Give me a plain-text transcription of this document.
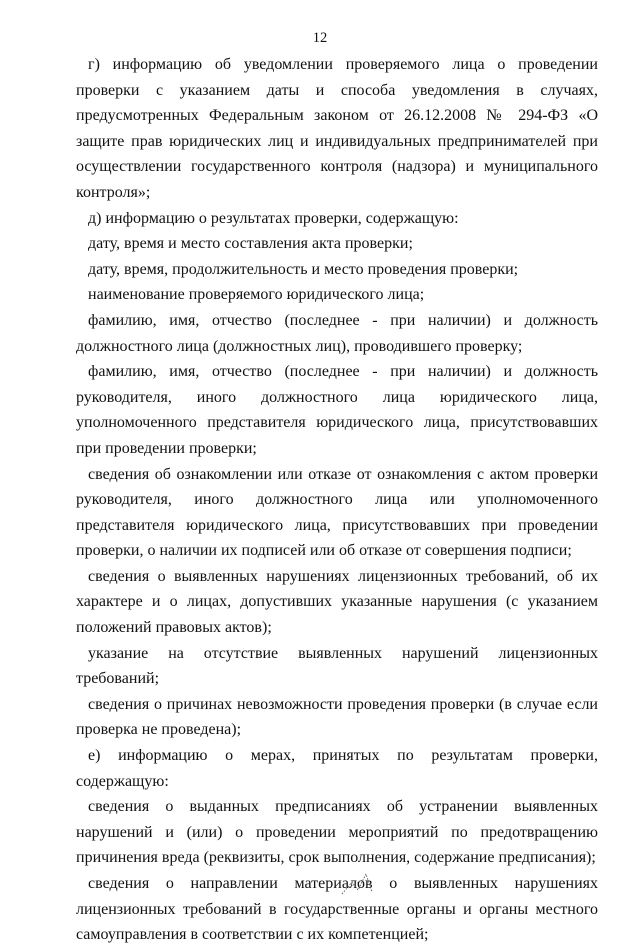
12

г) информацию об уведомлении проверяемого лица о проведении проверки с указанием даты и способа уведомления в случаях, предусмотренных Федеральным законом от 26.12.2008 № 294-ФЗ «О защите прав юридических лиц и индивидуальных предпринимателей при осуществлении государственного контроля (надзора) и муниципального контроля»;

д) информацию о результатах проверки, содержащую:

дату, время и место составления акта проверки;

дату, время, продолжительность и место проведения проверки;

наименование проверяемого юридического лица;

фамилию, имя, отчество (последнее - при наличии) и должность должностного лица (должностных лиц), проводившего проверку;

фамилию, имя, отчество (последнее - при наличии) и должность руководителя, иного должностного лица юридического лица, уполномоченного представителя юридического лица, присутствовавших при проведении проверки;

сведения об ознакомлении или отказе от ознакомления с актом проверки руководителя, иного должностного лица или уполномоченного представителя юридического лица, присутствовавших при проведении проверки, о наличии их подписей или об отказе от совершения подписи;

сведения о выявленных нарушениях лицензионных требований, об их характере и о лицах, допустивших указанные нарушения (с указанием положений правовых актов);

указание на отсутствие выявленных нарушений лицензионных требований;

сведения о причинах невозможности проведения проверки (в случае если проверка не проведена);

е) информацию о мерах, принятых по результатам проверки, содержащую:

сведения о выданных предписаниях об устранении выявленных нарушений и (или) о проведении мероприятий по предотвращению причинения вреда (реквизиты, срок выполнения, содержание предписания);

сведения о направлении материалов о выявленных нарушениях лицензионных требований в государственные органы и органы местного самоуправления в соответствии с их компетенцией;
